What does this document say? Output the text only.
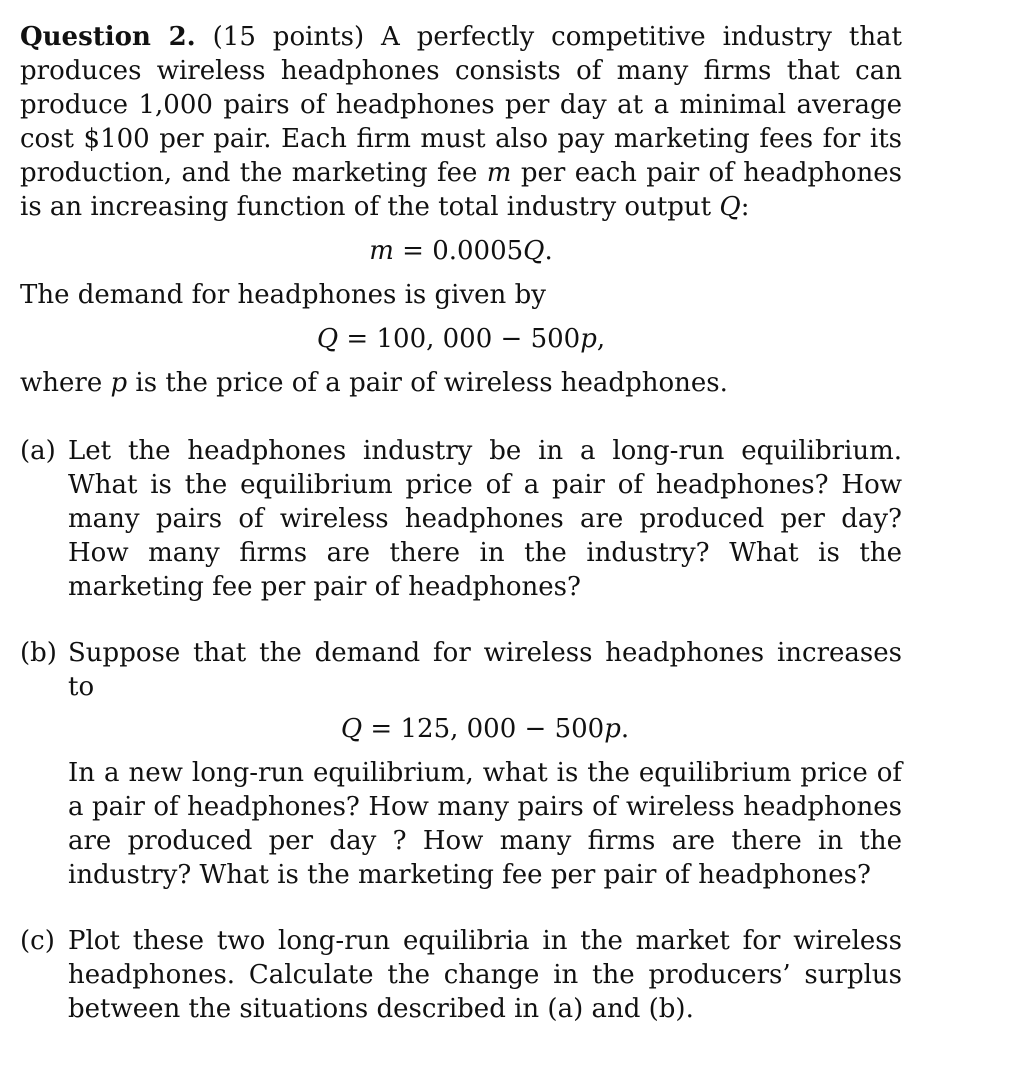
Question 2. (15 points) A perfectly competitive industry that produces wireless headphones consists of many firms that can produce 1,000 pairs of headphones per day at a minimal average cost $100 per pair. Each firm must also pay marketing fees for its production, and the marketing fee m per each pair of headphones is an increasing function of the total industry output Q:

m = 0.0005Q.

The demand for headphones is given by

Q = 100, 000 − 500p,

where p is the price of a pair of wireless headphones.

(a) Let the headphones industry be in a long-run equilibrium. What is the equilibrium price of a pair of headphones? How many pairs of wireless headphones are produced per day? How many firms are there in the industry? What is the marketing fee per pair of headphones?

(b) Suppose that the demand for wireless headphones increases to

Q = 125, 000 − 500p.

In a new long-run equilibrium, what is the equilibrium price of a pair of headphones? How many pairs of wireless headphones are produced per day ? How many firms are there in the industry? What is the marketing fee per pair of headphones?

(c) Plot these two long-run equilibria in the market for wireless headphones. Calculate the change in the producers’ surplus between the situations described in (a) and (b).
